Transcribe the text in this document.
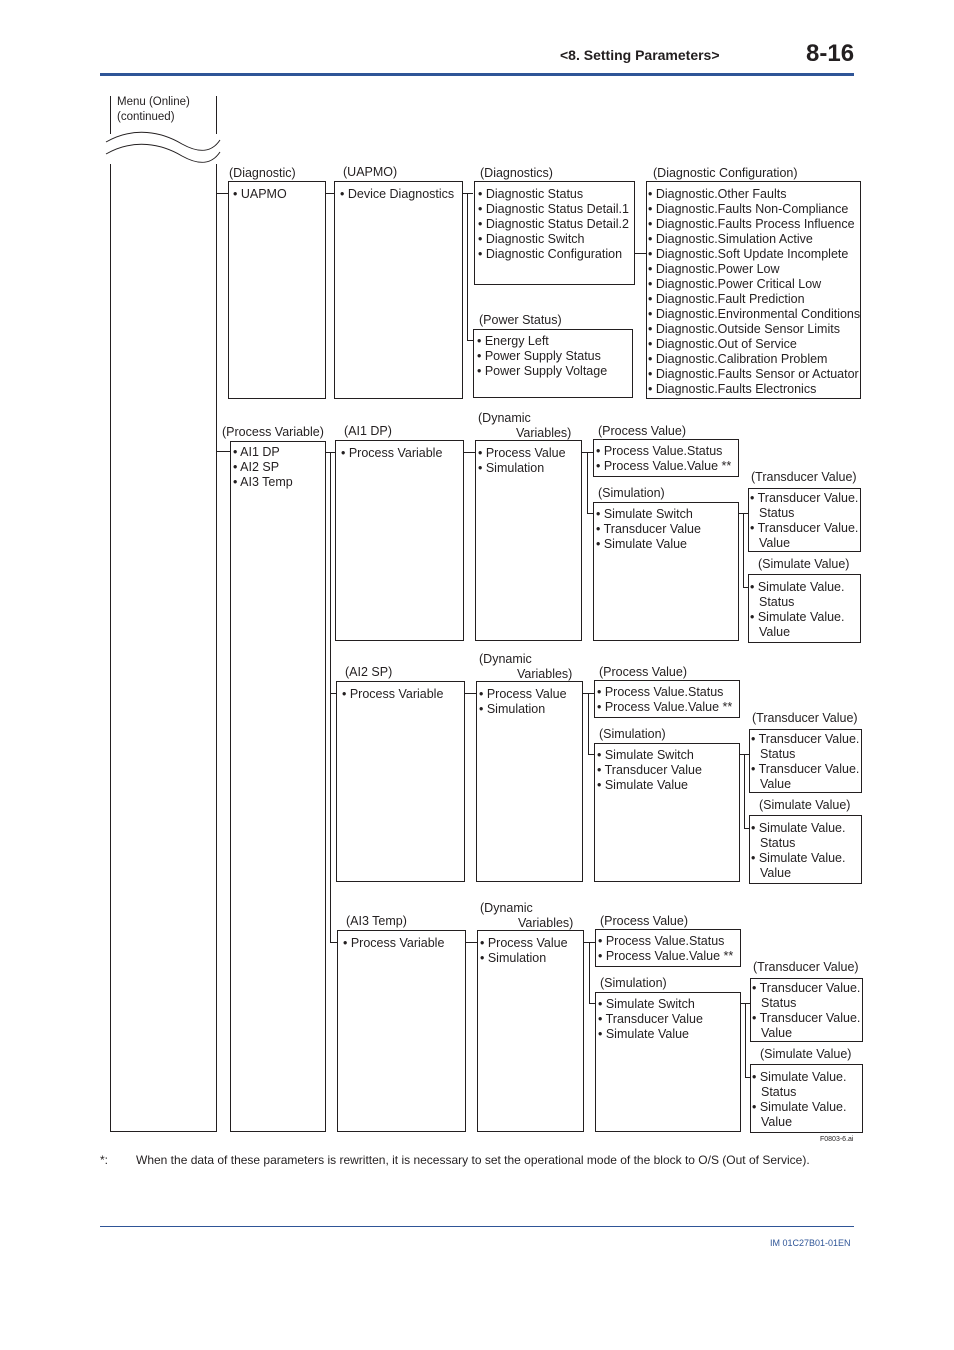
<8. Setting Parameters>	8-16
Menu (Online)
(continued)
(Diagnostic)
• UAPMO
(UAPMO)
• Device Diagnostics
(Diagnostics)
• Diagnostic Status
• Diagnostic Status Detail.1
• Diagnostic Status Detail.2
• Diagnostic Switch
• Diagnostic Configuration
(Power Status)
• Energy Left
• Power Supply Status
• Power Supply Voltage
(Diagnostic Configuration)
• Diagnostic.Other Faults
• Diagnostic.Faults Non-Compliance
• Diagnostic.Faults Process Influence
• Diagnostic.Simulation Active
• Diagnostic.Soft Update Incomplete
• Diagnostic.Power Low
• Diagnostic.Power Critical Low
• Diagnostic.Fault Prediction
• Diagnostic.Environmental Conditions
• Diagnostic.Outside Sensor Limits
• Diagnostic.Out of Service
• Diagnostic.Calibration Problem
• Diagnostic.Faults Sensor or Actuator
• Diagnostic.Faults Electronics
(Process Variable)
• AI1 DP
• AI2 SP
• AI3 Temp
(AI1 DP)
• Process Variable
(Dynamic
Variables)
• Process Value
• Simulation
(Process Value)
• Process Value.Status
• Process Value.Value **
(Simulation)
• Simulate Switch
• Transducer Value
• Simulate Value
(Transducer Value)
• Transducer Value.
Status
• Transducer Value.
Value
(Simulate Value)
• Simulate Value.
Status
• Simulate Value.
Value
(AI2 SP)
• Process Variable
(Dynamic
Variables)
• Process Value
• Simulation
(Process Value)
• Process Value.Status
• Process Value.Value **
(Simulation)
• Simulate Switch
• Transducer Value
• Simulate Value
(Transducer Value)
• Transducer Value.
Status
• Transducer Value.
Value
(Simulate Value)
• Simulate Value.
Status
• Simulate Value.
Value
(AI3 Temp)
• Process Variable
(Dynamic
Variables)
• Process Value
• Simulation
(Process Value)
• Process Value.Status
• Process Value.Value **
(Simulation)
• Simulate Switch
• Transducer Value
• Simulate Value
(Transducer Value)
• Transducer Value.
Status
• Transducer Value.
Value
(Simulate Value)
• Simulate Value.
Status
• Simulate Value.
Value
F0803-6.ai
*: When the data of these parameters is rewritten, it is necessary to set the operational mode of the block to O/S (Out of Service).
IM 01C27B01-01EN
